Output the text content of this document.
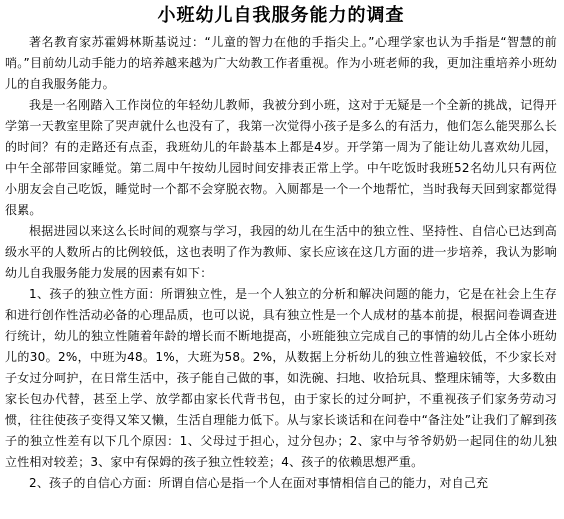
小班幼儿自我服务能力的调查

著名教育家苏霍姆林斯基说过：“儿童的智力在他的手指尖上。”心理学家也认为手指是“智慧的前哨。”目前幼儿动手能力的培养越来越为广大幼教工作者重视。作为小班老师的我，更加注重培养小班幼儿的自我服务能力。

我是一名刚踏入工作岗位的年轻幼儿教师，我被分到小班，这对于无疑是一个全新的挑战，记得开学第一天教室里除了哭声就什么也没有了，我第一次觉得小孩子是多么的有活力，他们怎么能哭那么长的时间？有的走路还有点歪，我班幼儿的年龄基本上都是4岁。开学第一周为了能让幼儿喜欢幼儿园，中午全部带回家睡觉。第二周中午按幼儿园时间安排表正常上学。中午吃饭时我班52名幼儿只有两位小朋友会自己吃饭，睡觉时一个都不会穿脱衣物。入厕都是一个一个地帮忙，当时我每天回到家都觉得很累。

根据进园以来这么长时间的观察与学习，我园的幼儿在生活中的独立性、坚持性、自信心已达到高级水平的人数所占的比例较低，这也表明了作为教师、家长应该在这几方面的进一步培养，我认为影响幼儿自我服务能力发展的因素有如下：

1、孩子的独立性方面：所谓独立性，是一个人独立的分析和解决问题的能力，它是在社会上生存和进行创作性活动必备的心理品质，也可以说，具有独立性是一个人成材的基本前提，根据问卷调查进行统计，幼儿的独立性随着年龄的增长而不断地提高，小班能独立完成自己的事情的幼儿占全体小班幼儿的30。2%，中班为48。1%，大班为58。2%，从数据上分析幼儿的独立性普遍较低，不少家长对子女过分呵护，在日常生活中，孩子能自己做的事，如洗碗、扫地、收拾玩具、整理床铺等，大多数由家长包办代替，甚至上学、放学都由家长代背书包，由于家长的过分呵护，不重视孩子们家务劳动习惯，往往使孩子变得又笨又懒，生活自理能力低下。从与家长谈话和在问卷中“备注处”让我们了解到孩子的独立性差有以下几个原因：1、父母过于担心，过分包办；2、家中与爷爷奶奶一起同住的幼儿独立性相对较差；3、家中有保姆的孩子独立性较差；4、孩子的依赖思想严重。

2、孩子的自信心方面：所谓自信心是指一个人在面对事情相信自己的能力，对自己充
